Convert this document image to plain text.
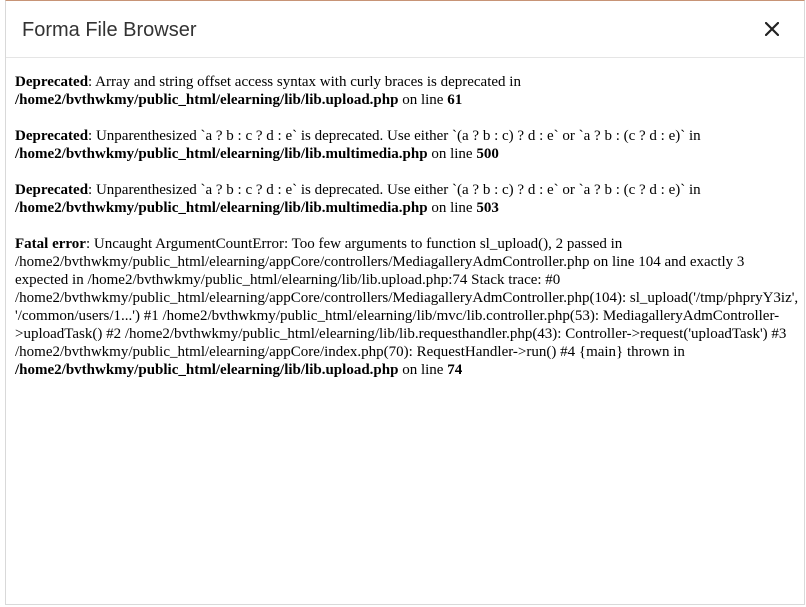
Forma File Browser

Deprecated: Array and string offset access syntax with curly braces is deprecated in /home2/bvthwkmy/public_html/elearning/lib/lib.upload.php on line 61

Deprecated: Unparenthesized `a ? b : c ? d : e` is deprecated. Use either `(a ? b : c) ? d : e` or `a ? b : (c ? d : e)` in /home2/bvthwkmy/public_html/elearning/lib/lib.multimedia.php on line 500

Deprecated: Unparenthesized `a ? b : c ? d : e` is deprecated. Use either `(a ? b : c) ? d : e` or `a ? b : (c ? d : e)` in /home2/bvthwkmy/public_html/elearning/lib/lib.multimedia.php on line 503

Fatal error: Uncaught ArgumentCountError: Too few arguments to function sl_upload(), 2 passed in /home2/bvthwkmy/public_html/elearning/appCore/controllers/MediagalleryAdmController.php on line 104 and exactly 3 expected in /home2/bvthwkmy/public_html/elearning/lib/lib.upload.php:74 Stack trace: #0 /home2/bvthwkmy/public_html/elearning/appCore/controllers/MediagalleryAdmController.php(104): sl_upload('/tmp/phpryY3iz', '/common/users/1...') #1 /home2/bvthwkmy/public_html/elearning/lib/mvc/lib.controller.php(53): MediagalleryAdmController->uploadTask() #2 /home2/bvthwkmy/public_html/elearning/lib/lib.requesthandler.php(43): Controller->request('uploadTask') #3 /home2/bvthwkmy/public_html/elearning/appCore/index.php(70): RequestHandler->run() #4 {main} thrown in /home2/bvthwkmy/public_html/elearning/lib/lib.upload.php on line 74
